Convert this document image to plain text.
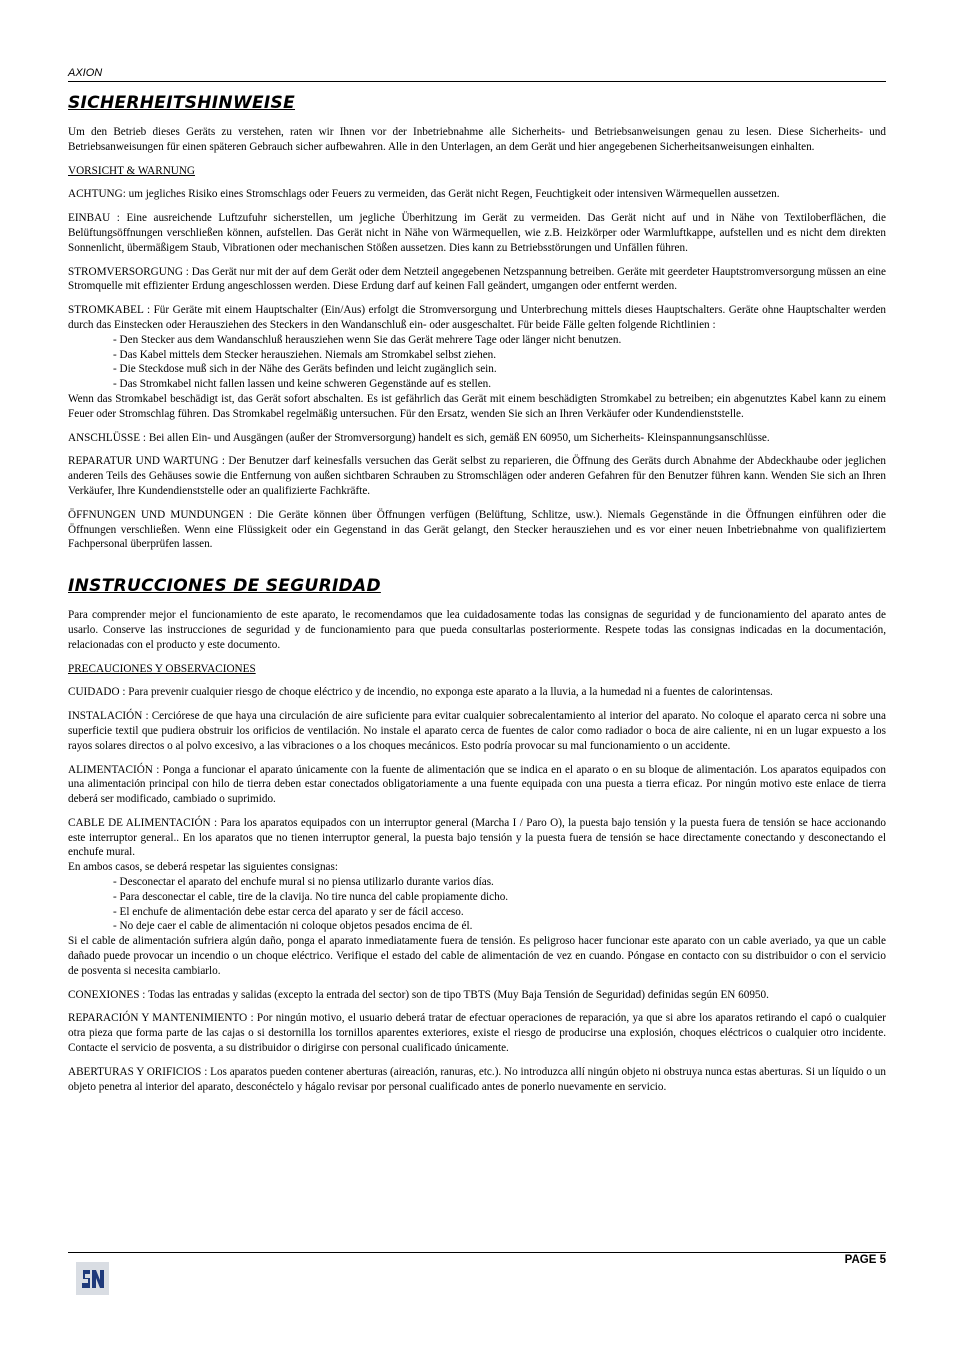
AXION
SICHERHEITSHINWEISE

Um den Betrieb dieses Geräts zu verstehen, raten wir Ihnen vor der Inbetriebnahme alle Sicherheits- und Betriebsanweisungen genau zu lesen. Diese Sicherheits- und Betriebsanweisungen für einen späteren Gebrauch sicher aufbewahren. Alle in den Unterlagen, an dem Gerät und hier angegebenen Sicherheitsanweisungen einhalten.

VORSICHT & WARNUNG

ACHTUNG: um jegliches Risiko eines Stromschlags oder Feuers zu vermeiden, das Gerät nicht Regen, Feuchtigkeit oder intensiven Wärmequellen aussetzen.

EINBAU : Eine ausreichende Luftzufuhr sicherstellen, um jegliche Überhitzung im Gerät zu vermeiden. Das Gerät nicht auf und in Nähe von Textiloberflächen, die Belüftungsöffnungen verschließen können, aufstellen. Das Gerät nicht in Nähe von Wärmequellen, wie z.B. Heizkörper oder Warmluftkappe, aufstellen und es nicht dem direkten Sonnenlicht, übermäßigem Staub, Vibrationen oder mechanischen Stößen aussetzen. Dies kann zu Betriebsstörungen und Unfällen führen.

STROMVERSORGUNG : Das Gerät nur mit der auf dem Gerät oder dem Netzteil angegebenen Netzspannung betreiben. Geräte mit geerdeter Hauptstromversorgung müssen an eine Stromquelle mit effizienter Erdung angeschlossen werden. Diese Erdung darf auf keinen Fall geändert, umgangen oder entfernt werden.

STROMKABEL : Für Geräte mit einem Hauptschalter (Ein/Aus) erfolgt die Stromversorgung und Unterbrechung mittels dieses Hauptschalters. Geräte ohne Hauptschalter werden durch das Einstecken oder Herausziehen des Steckers in den Wandanschluß ein- oder ausgeschaltet. Für beide Fälle gelten folgende Richtlinien :
- Den Stecker aus dem Wandanschluß herausziehen wenn Sie das Gerät mehrere Tage oder länger nicht benutzen.
- Das Kabel mittels dem Stecker herausziehen. Niemals am Stromkabel selbst ziehen.
- Die Steckdose muß sich in der Nähe des Geräts befinden und leicht zugänglich sein.
- Das Stromkabel nicht fallen lassen und keine schweren Gegenstände auf es stellen.
Wenn das Stromkabel beschädigt ist, das Gerät sofort abschalten. Es ist gefährlich das Gerät mit einem beschädigten Stromkabel zu betreiben; ein abgenutztes Kabel kann zu einem Feuer oder Stromschlag führen. Das Stromkabel regelmäßig untersuchen. Für den Ersatz, wenden Sie sich an Ihren Verkäufer oder Kundendienststelle.

ANSCHLÜSSE : Bei allen Ein- und Ausgängen (außer der Stromversorgung) handelt es sich, gemäß EN 60950, um Sicherheits- Kleinspannungsanschlüsse.

REPARATUR UND WARTUNG : Der Benutzer darf keinesfalls versuchen das Gerät selbst zu reparieren, die Öffnung des Geräts durch Abnahme der Abdeckhaube oder jeglichen anderen Teils des Gehäuses sowie die Entfernung von außen sichtbaren Schrauben zu Stromschlägen oder anderen Gefahren für den Benutzer führen kann. Wenden Sie sich an Ihren Verkäufer, Ihre Kundendienststelle oder an qualifizierte Fachkräfte.

ÖFFNUNGEN UND MUNDUNGEN : Die Geräte können über Öffnungen verfügen (Belüftung, Schlitze, usw.). Niemals Gegenstände in die Öffnungen einführen oder die Öffnungen verschließen. Wenn eine Flüssigkeit oder ein Gegenstand in das Gerät gelangt, den Stecker herausziehen und es vor einer neuen Inbetriebnahme von qualifiziertem Fachpersonal überprüfen lassen.

INSTRUCCIONES DE SEGURIDAD

Para comprender mejor el funcionamiento de este aparato, le recomendamos que lea cuidadosamente todas las consignas de seguridad y de funcionamiento del aparato antes de usarlo. Conserve las instrucciones de seguridad y de funcionamiento para que pueda consultarlas posteriormente. Respete todas las consignas indicadas en la documentación, relacionadas con el producto y este documento.

PRECAUCIONES Y OBSERVACIONES

CUIDADO : Para prevenir cualquier riesgo de choque eléctrico y de incendio, no exponga este aparato a la lluvia, a la humedad ni a fuentes de calorintensas.

INSTALACIÓN : Cerciórese de que haya una circulación de aire suficiente para evitar cualquier sobrecalentamiento al interior del aparato. No coloque el aparato cerca ni sobre una superficie textil que pudiera obstruir los orificios de ventilación. No instale el aparato cerca de fuentes de calor como radiador o boca de aire caliente, ni en un lugar expuesto a los rayos solares directos o al polvo excesivo, a las vibraciones o a los choques mecánicos. Esto podría provocar su mal funcionamiento o un accidente.

ALIMENTACIÓN : Ponga a funcionar el aparato únicamente con la fuente de alimentación que se indica en el aparato o en su bloque de alimentación. Los aparatos equipados con una alimentación principal con hilo de tierra deben estar conectados obligatoriamente a una fuente equipada con una puesta a tierra eficaz. Por ningún motivo este enlace de tierra deberá ser modificado, cambiado o suprimido.

CABLE DE ALIMENTACIÓN : Para los aparatos equipados con un interruptor general (Marcha I / Paro O), la puesta bajo tensión y la puesta fuera de tensión se hace accionando este interruptor general.. En los aparatos que no tienen interruptor general, la puesta bajo tensión y la puesta fuera de tensión se hace directamente conectando y desconectando el enchufe mural.
En ambos casos, se deberá respetar las siguientes consignas:
- Desconectar el aparato del enchufe mural si no piensa utilizarlo durante varios días.
- Para desconectar el cable, tire de la clavija. No tire nunca del cable propiamente dicho.
- El enchufe de alimentación debe estar cerca del aparato y ser de fácil acceso.
- No deje caer el cable de alimentación ni coloque objetos pesados encima de él.
Si el cable de alimentación sufriera algún daño, ponga el aparato inmediatamente fuera de tensión. Es peligroso hacer funcionar este aparato con un cable averiado, ya que un cable dañado puede provocar un incendio o un choque eléctrico. Verifique el estado del cable de alimentación de vez en cuando. Póngase en contacto con su distribuidor o con el servicio de posventa si necesita cambiarlo.

CONEXIONES : Todas las entradas y salidas (excepto la entrada del sector) son de tipo TBTS (Muy Baja Tensión de Seguridad) definidas según EN 60950.

REPARACIÓN Y MANTENIMIENTO : Por ningún motivo, el usuario deberá tratar de efectuar operaciones de reparación, ya que si abre los aparatos retirando el capó o cualquier otra pieza que forma parte de las cajas o si destornilla los tornillos aparentes exteriores, existe el riesgo de producirse una explosión, choques eléctricos o cualquier otro incidente. Contacte el servicio de posventa, a su distribuidor o dirigirse con personal cualificado únicamente.

ABERTURAS Y ORIFICIOS : Los aparatos pueden contener aberturas (aireación, ranuras, etc.). No introduzca allí ningún objeto ni obstruya nunca estas aberturas. Si un líquido o un objeto penetra al interior del aparato, desconéctelo y hágalo revisar por personal cualificado antes de ponerlo nuevamente en servicio.

PAGE 5
